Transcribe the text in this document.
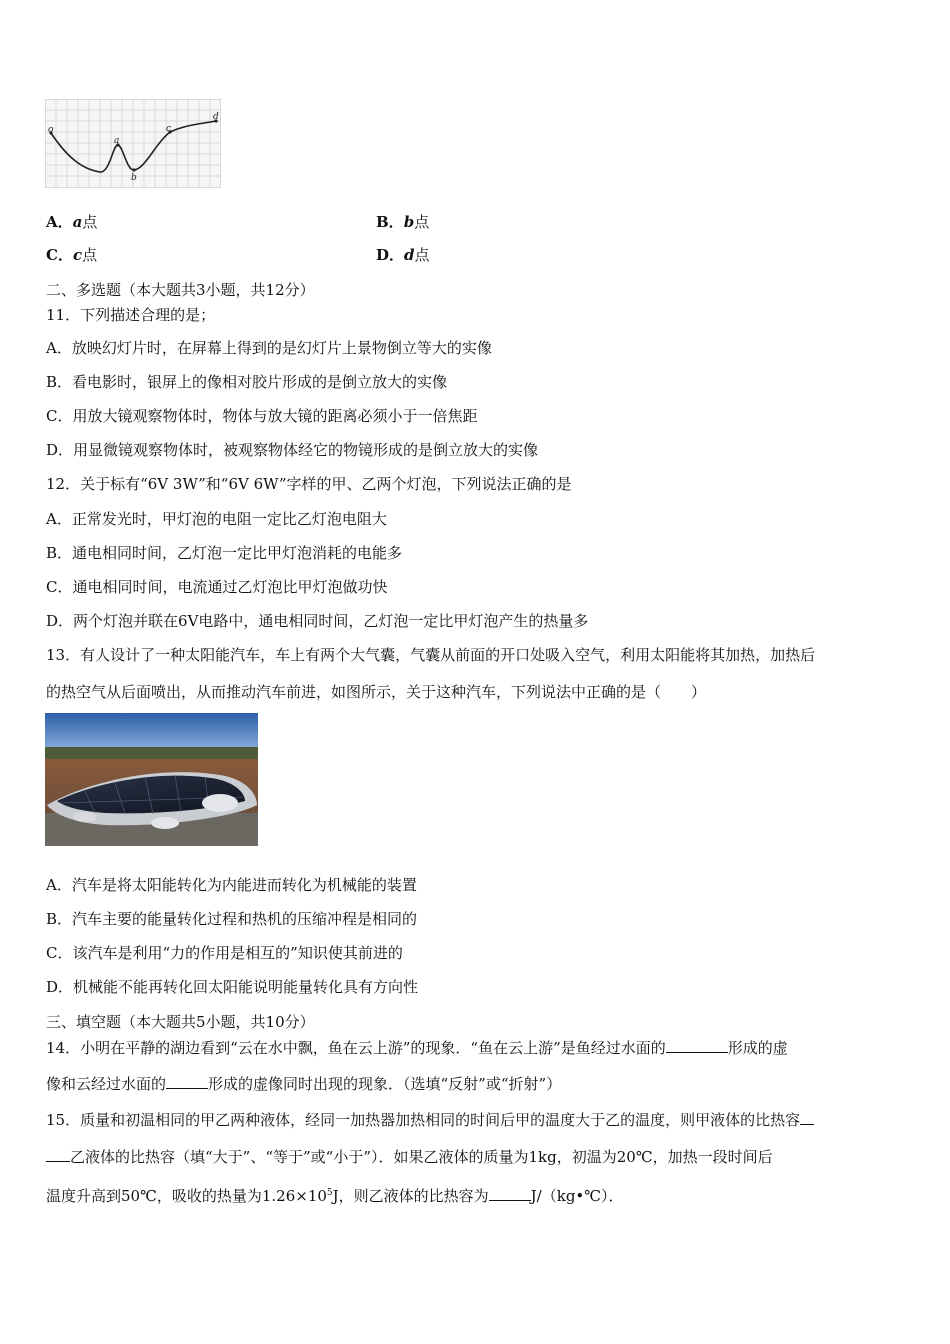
o
a
b
c
d
A．a点	B．b点
C．c点	D．d点
二、多选题（本大题共3小题，共12分）
11．下列描述合理的是；
A．放映幻灯片时，在屏幕上得到的是幻灯片上景物倒立等大的实像
B．看电影时，银屏上的像相对胶片形成的是倒立放大的实像
C．用放大镜观察物体时，物体与放大镜的距离必须小于一倍焦距
D．用显微镜观察物体时，被观察物体经它的物镜形成的是倒立放大的实像
12．关于标有“6V 3W”和“6V 6W”字样的甲、乙两个灯泡，下列说法正确的是
A．正常发光时，甲灯泡的电阻一定比乙灯泡电阻大
B．通电相同时间，乙灯泡一定比甲灯泡消耗的电能多
C．通电相同时间，电流通过乙灯泡比甲灯泡做功快
D．两个灯泡并联在6V电路中，通电相同时间，乙灯泡一定比甲灯泡产生的热量多
13．有人设计了一种太阳能汽车，车上有两个大气囊，气囊从前面的开口处吸入空气，利用太阳能将其加热，加热后
的热空气从后面喷出，从而推动汽车前进，如图所示，关于这种汽车，下列说法中正确的是（　　）
A．汽车是将太阳能转化为内能进而转化为机械能的装置
B．汽车主要的能量转化过程和热机的压缩冲程是相同的
C．该汽车是利用“力的作用是相互的”知识使其前进的
D．机械能不能再转化回太阳能说明能量转化具有方向性
三、填空题（本大题共5小题，共10分）
14．小明在平静的湖边看到“云在水中飘，鱼在云上游”的现象．“鱼在云上游”是鱼经过水面的	形成的虚
像和云经过水面的	形成的虚像同时出现的现象．（选填“反射”或“折射”）
15．质量和初温相同的甲乙两种液体，经同一加热器加热相同的时间后甲的温度大于乙的温度，则甲液体的比热容
乙液体的比热容（填“大于”、“等于”或“小于”）．如果乙液体的质量为1kg，初温为20℃，加热一段时间后
温度升高到50℃，吸收的热量为$1.26\times 10^5J$，则乙液体的比热容为	J/（kg•℃）．
